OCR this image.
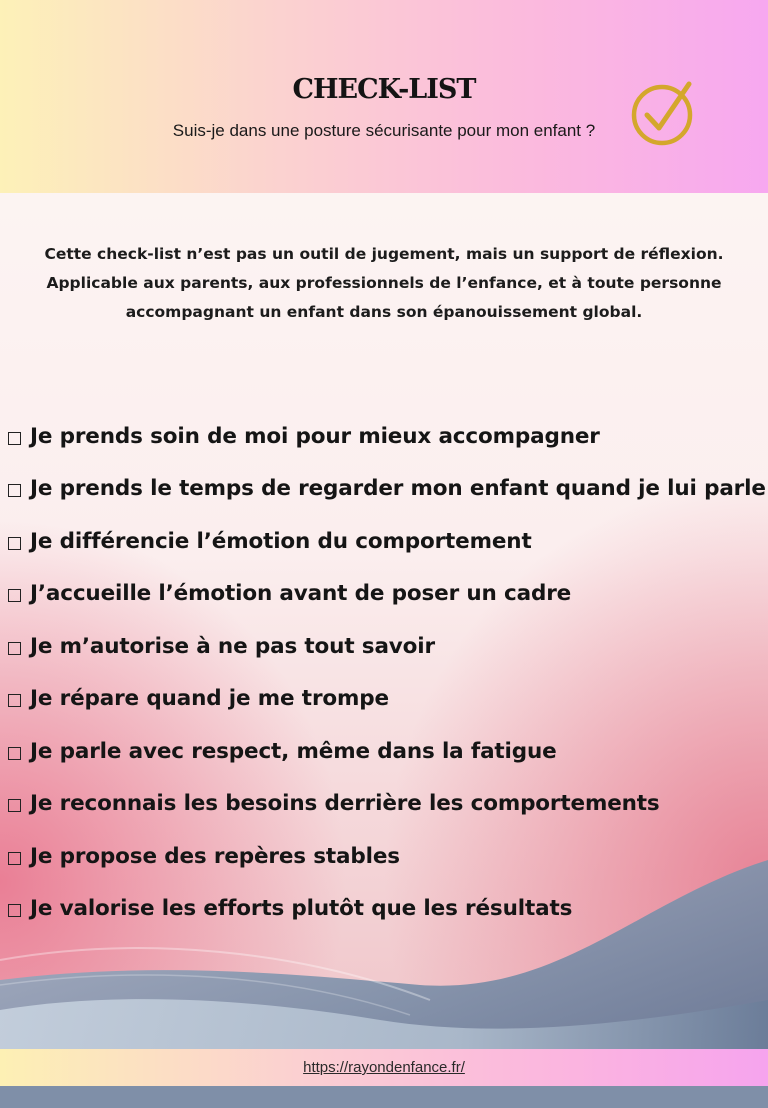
CHECK-LIST

Suis-je dans une posture sécurisante pour mon enfant ?

Cette check-list n’est pas un outil de jugement, mais un support de réflexion.
Applicable aux parents, aux professionnels de l’enfance, et à toute personne
accompagnant un enfant dans son épanouissement global.

Je prends soin de moi pour mieux accompagner
Je prends le temps de regarder mon enfant quand je lui parle
Je différencie l’émotion du comportement
J’accueille l’émotion avant de poser un cadre
Je m’autorise à ne pas tout savoir
Je répare quand je me trompe
Je parle avec respect, même dans la fatigue
Je reconnais les besoins derrière les comportements
Je propose des repères stables
Je valorise les efforts plutôt que les résultats
https://rayondenfance.fr/
